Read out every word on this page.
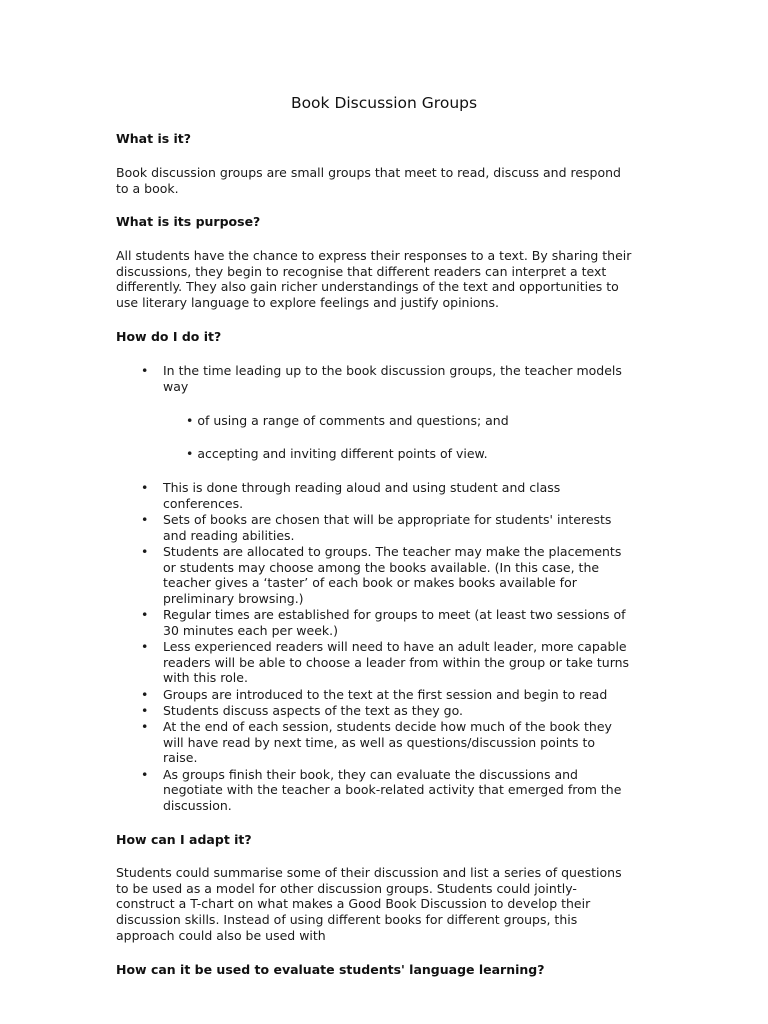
Book Discussion Groups
What is it?
Book discussion groups are small groups that meet to read, discuss and respond
to a book.
What is its purpose?
All students have the chance to express their responses to a text. By sharing their
discussions, they begin to recognise that different readers can interpret a text
differently. They also gain richer understandings of the text and opportunities to
use literary language to explore feelings and justify opinions.
How do I do it?
• In the time leading up to the book discussion groups, the teacher models
way
• of using a range of comments and questions; and
• accepting and inviting different points of view.
• This is done through reading aloud and using student and class
conferences.
• Sets of books are chosen that will be appropriate for students' interests
and reading abilities.
• Students are allocated to groups. The teacher may make the placements
or students may choose among the books available. (In this case, the
teacher gives a ‘taster’ of each book or makes books available for
preliminary browsing.)
• Regular times are established for groups to meet (at least two sessions of
30 minutes each per week.)
• Less experienced readers will need to have an adult leader, more capable
readers will be able to choose a leader from within the group or take turns
with this role.
• Groups are introduced to the text at the first session and begin to read
• Students discuss aspects of the text as they go.
• At the end of each session, students decide how much of the book they
will have read by next time, as well as questions/discussion points to
raise.
• As groups finish their book, they can evaluate the discussions and
negotiate with the teacher a book-related activity that emerged from the
discussion.
How can I adapt it?
Students could summarise some of their discussion and list a series of questions
to be used as a model for other discussion groups. Students could jointly-
construct a T-chart on what makes a Good Book Discussion to develop their
discussion skills. Instead of using different books for different groups, this
approach could also be used with
How can it be used to evaluate students' language learning?
